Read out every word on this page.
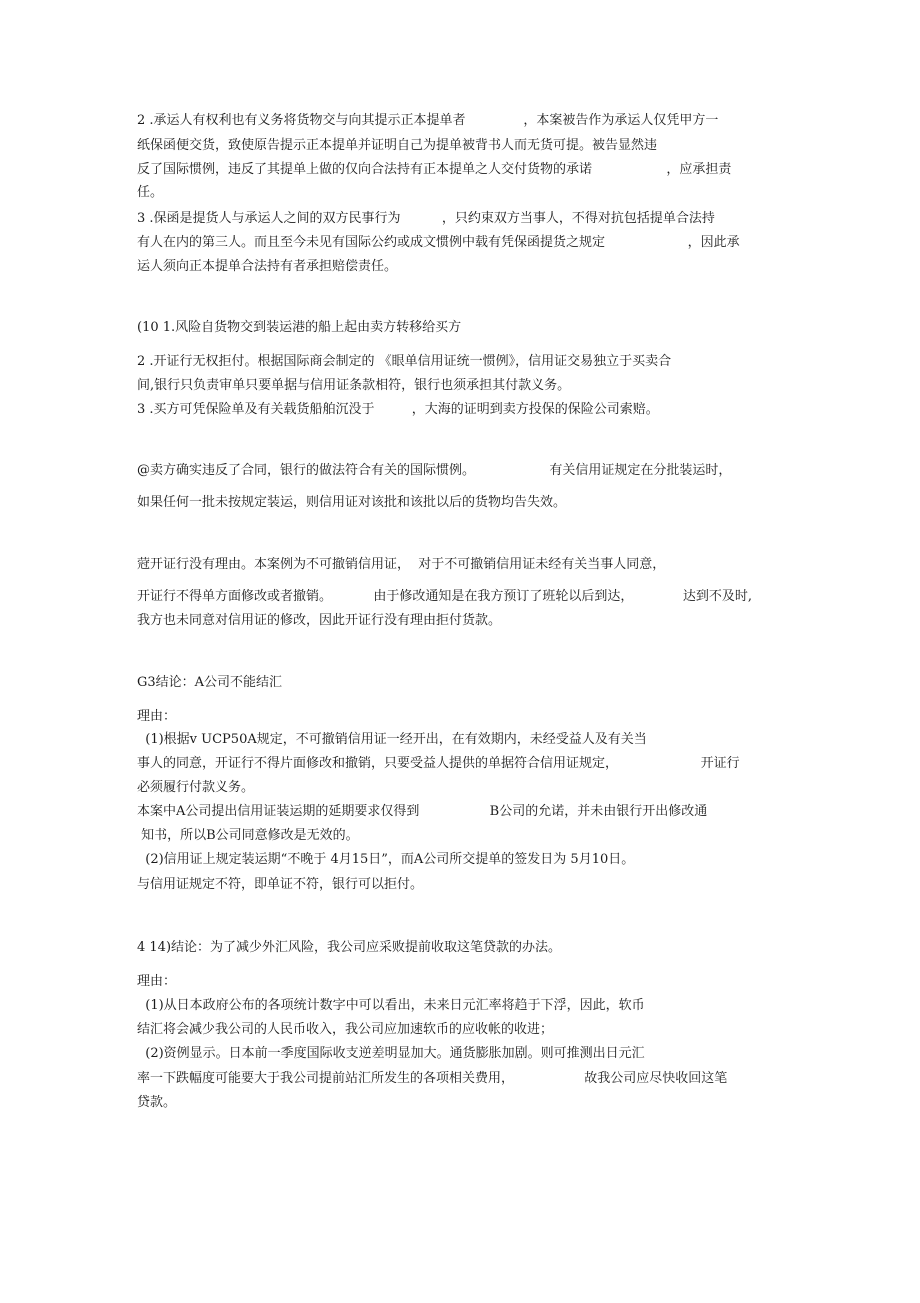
2 .承运人有权利也有义务将货物交与向其提示正本提单者              ，本案被告作为承运人仅凭甲方一
纸保函便交货，致使原告提示正本提单并证明自己为提单被背书人而无货可提。被告显然违
反了国际惯例，违反了其提单上做的仅向合法持有正本提单之人交付货物的承诺                  ，应承担责
任。
3 .保函是提货人与承运人之间的双方民事行为          ，只约束双方当事人，不得对抗包括提单合法持
有人在内的第三人。而且至今未见有国际公约或成文惯例中载有凭保函提货之规定                    ，因此承
运人须向正本提单合法持有者承担赔偿责任。
(10 1.风险自货物交到装运港的船上起由卖方转移给买方
2 .开证行无权拒付。根据国际商会制定的 《眼单信用证统一惯例》，信用证交易独立于买卖合
间,银行只负责审单只要单据与信用证条款相符，银行也须承担其付款义务。
3 .买方可凭保险单及有关载货船舶沉没于         ，大海的证明到卖方投保的保险公司索赔。
@卖方确实违反了合同，银行的做法符合有关的国际惯例。                  有关信用证规定在分批装运时，
如果任何一批未按规定装运，则信用证对该批和该批以后的货物均告失效。
蒄开证行没有理由。本案例为不可撤销信用证，  对于不可撤销信用证未经有关当事人同意，
开证行不得单方面修改或者撤销。          由于修改通知是在我方预订了班轮以后到达，            达到不及时,
我方也未同意对信用证的修改，因此开证行没有理由拒付货款。
G3结论：A公司不能结汇
理由：
(1)根据v UCP50A规定，不可撤销信用证一经开出，在有效期内，未经受益人及有关当
事人的同意，开证行不得片面修改和撤销，只要受益人提供的单据符合信用证规定，                    开证行
必须履行付款义务。
本案中A公司提出信用证装运期的延期要求仅得到                 B公司的允诺，并未由银行开出修改通
知书，所以B公司同意修改是无效的。
(2)信用证上规定装运期“不晚于 4月15日”，而A公司所交提单的签发日为 5月10日。
与信用证规定不符，即单证不符，银行可以拒付。
4 14)结论：为了减少外汇风险，我公司应采败提前收取这笔贷款的办法。
理由：
(1)从日本政府公布的各项统计数字中可以看出，未来日元汇率将趋于下浮，因此，软币
结汇将会减少我公司的人民币收入，我公司应加速软币的应收帐的收进；
(2)资例显示。日本前一季度国际收支逆差明显加大。通货膨胀加剧。则可推测出日元汇
率一下跌幅度可能要大于我公司提前站汇所发生的各项相关费用，                 故我公司应尽快收回这笔
贷款。
